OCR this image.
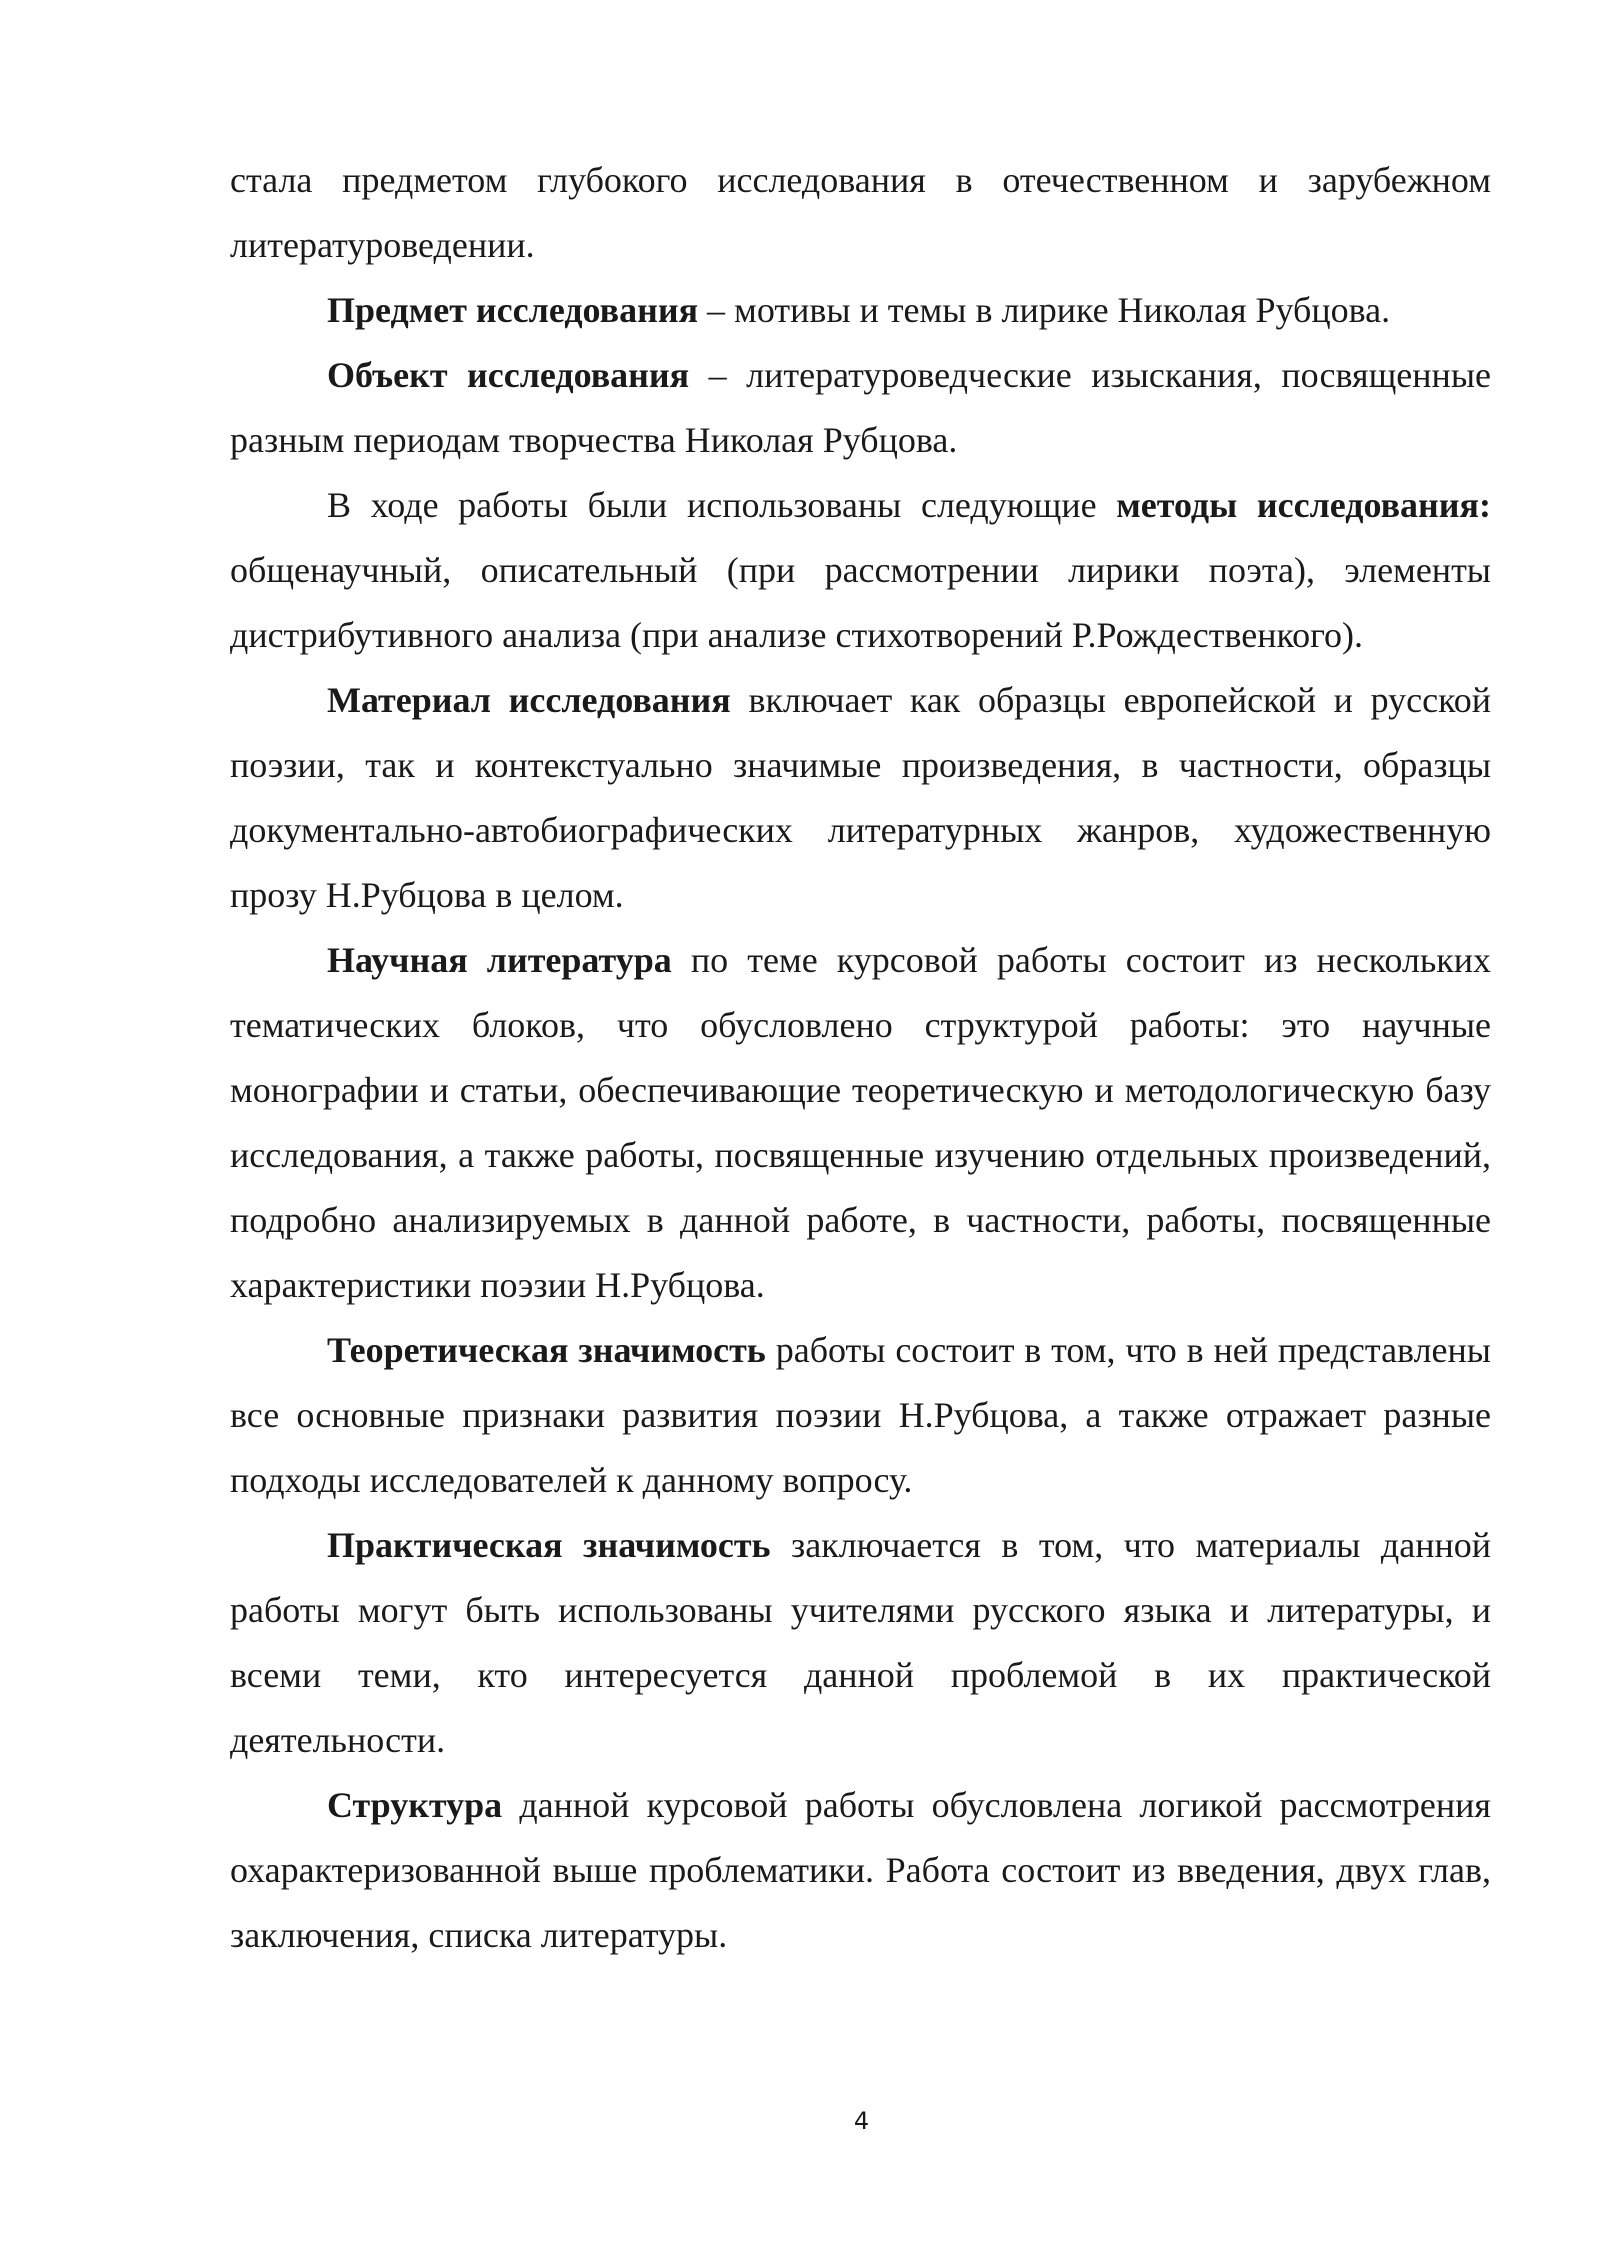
стала предметом глубокого исследования в отечественном и зарубежном литературоведении.

Предмет исследования – мотивы и темы в лирике Николая Рубцова.

Объект исследования – литературоведческие изыскания, посвященные разным периодам творчества Николая Рубцова.

В ходе работы были использованы следующие методы исследования: общенаучный, описательный (при рассмотрении лирики поэта), элементы дистрибутивного анализа (при анализе стихотворений Р.Рождественкого).

Материал исследования включает как образцы европейской и русской поэзии, так и контекстуально значимые произведения, в частности, образцы документально-автобиографических литературных жанров, художественную прозу Н.Рубцова в целом.

Научная литература по теме курсовой работы состоит из нескольких тематических блоков, что обусловлено структурой работы: это научные монографии и статьи, обеспечивающие теоретическую и методологическую базу исследования, а также работы, посвященные изучению отдельных произведений, подробно анализируемых в данной работе, в частности, работы, посвященные характеристики поэзии Н.Рубцова.

Теоретическая значимость работы состоит в том, что в ней представлены все основные признаки развития поэзии Н.Рубцова, а также отражает разные подходы исследователей к данному вопросу.

Практическая значимость заключается в том, что материалы данной работы могут быть использованы учителями русского языка и литературы, и всеми теми, кто интересуется данной проблемой в их практической деятельности.

Структура данной курсовой работы обусловлена логикой рассмотрения охарактеризованной выше проблематики. Работа состоит из введения, двух глав, заключения, списка литературы.

4
